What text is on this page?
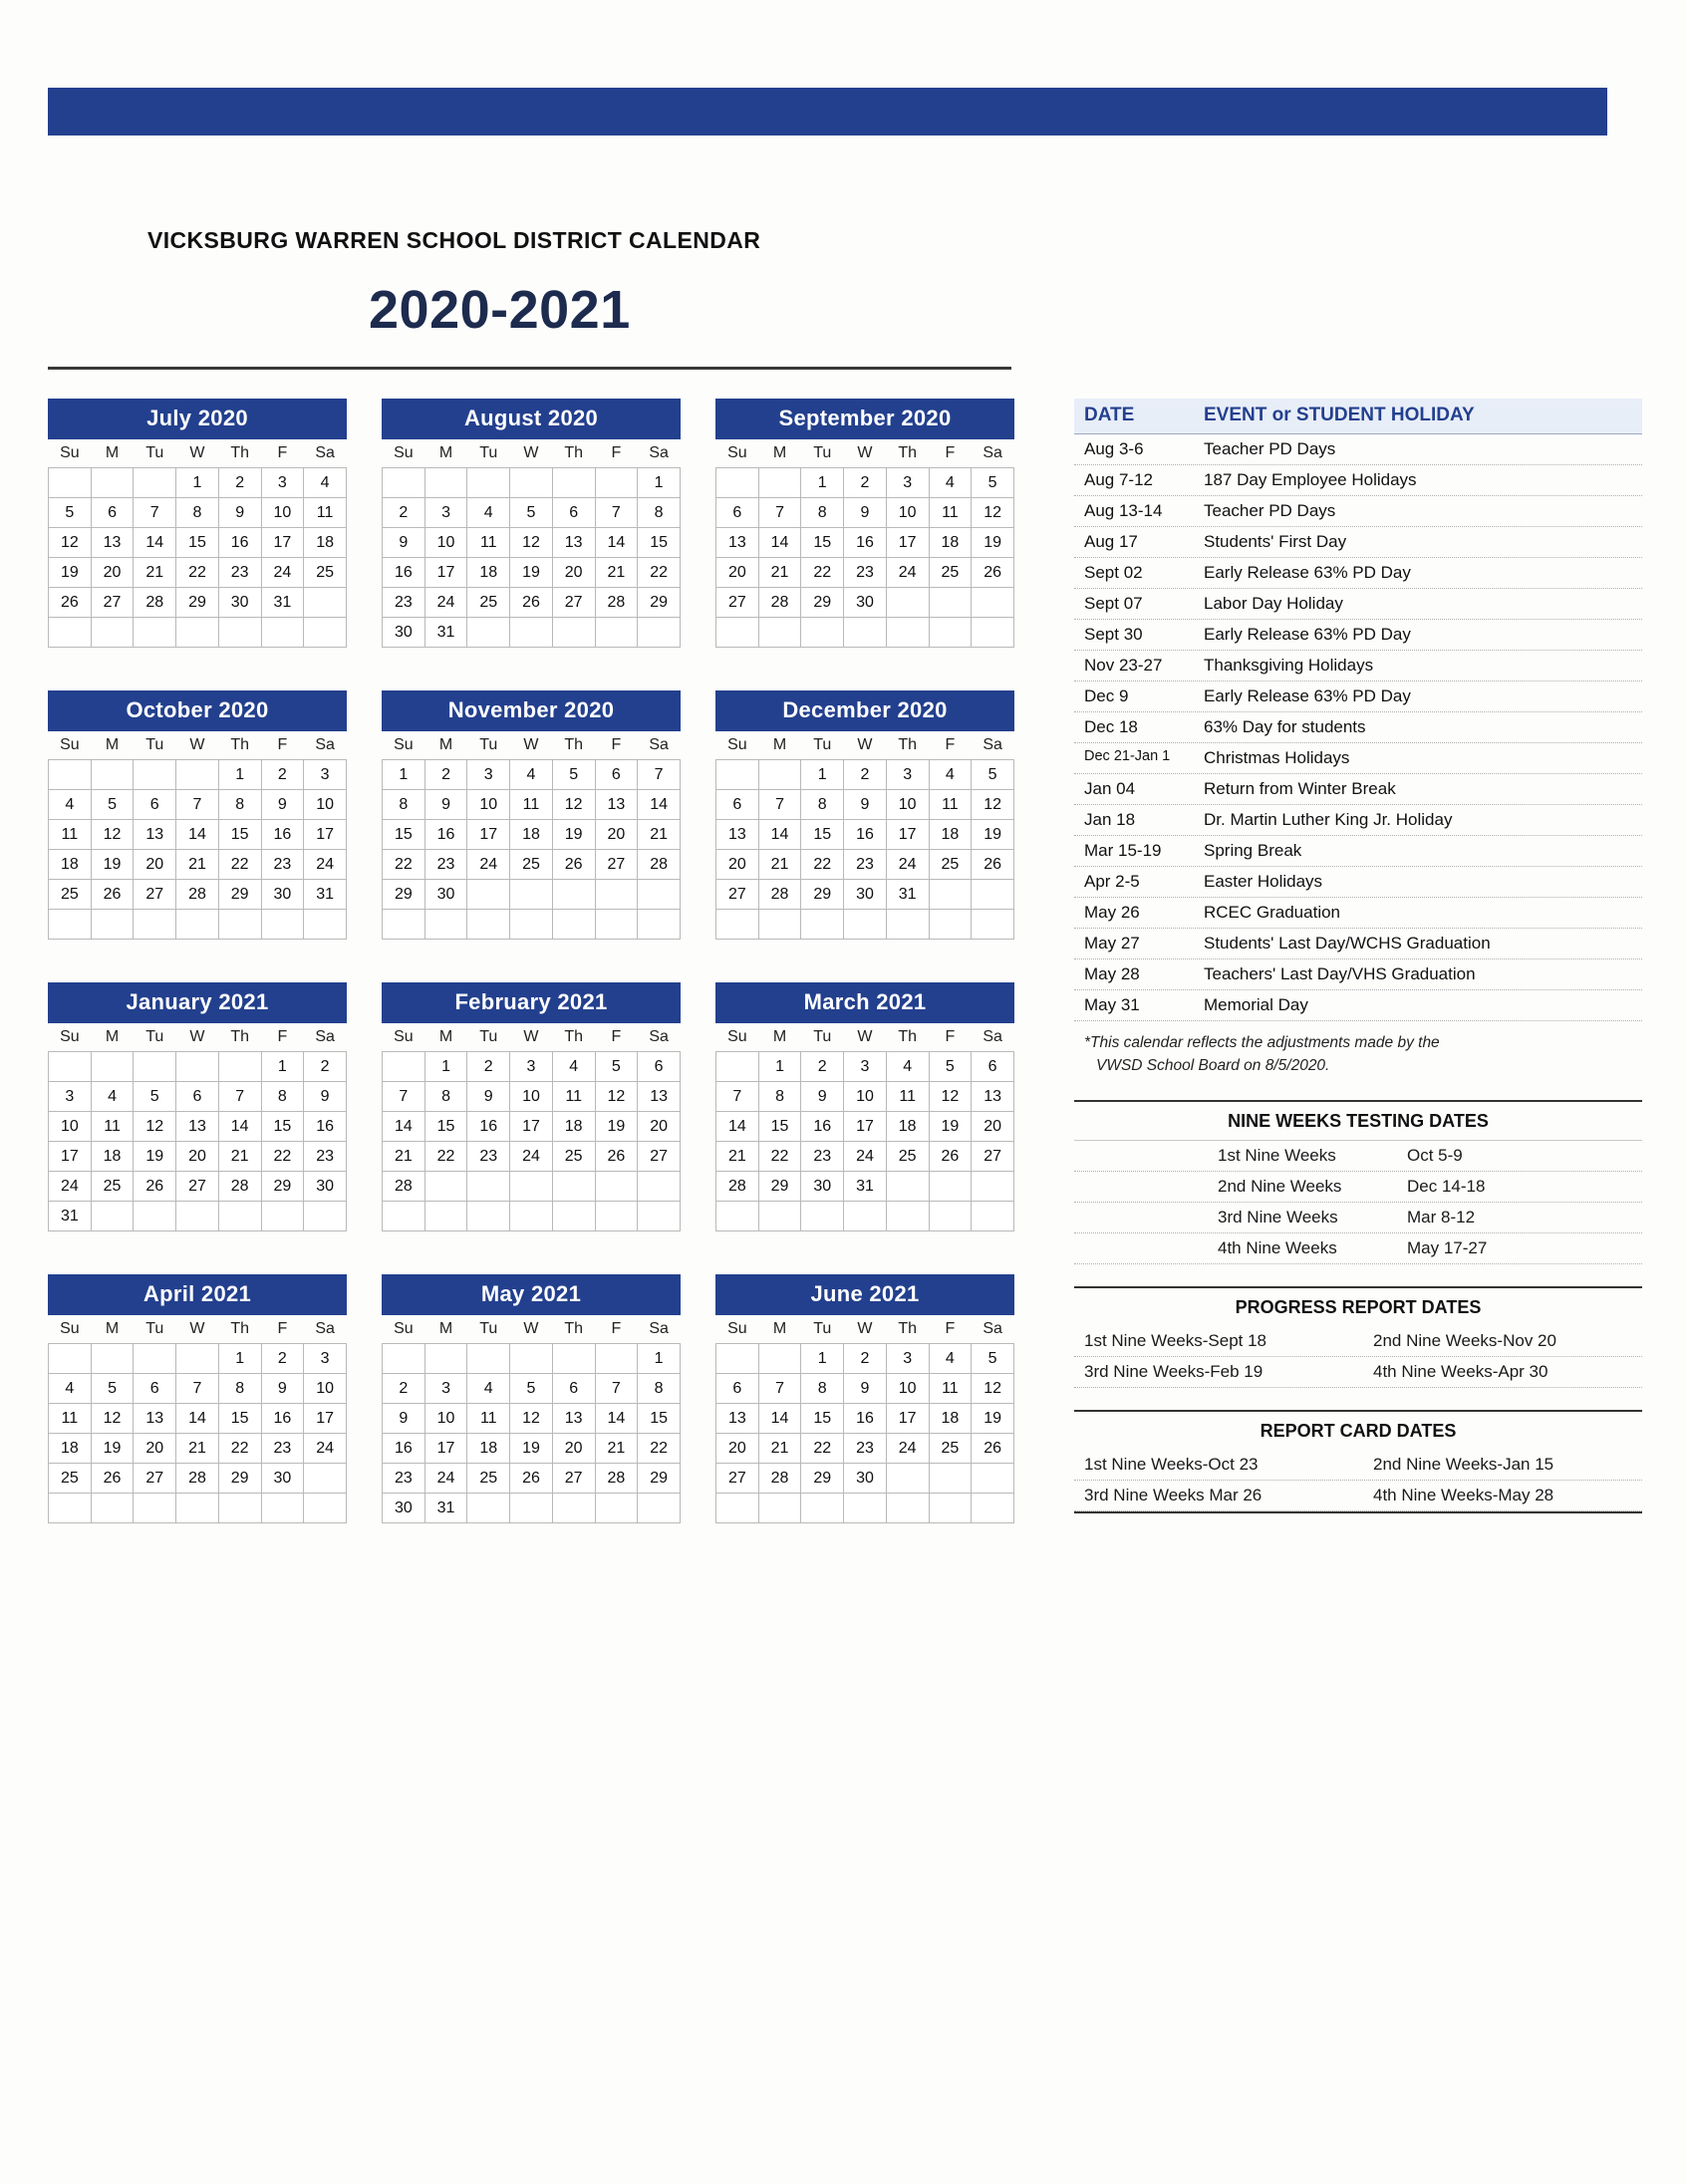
VICKSBURG WARREN SCHOOL DISTRICT CALENDAR
2020-2021
July 2020
Su	M	Tu	W	Th	F	Sa
			1	2	3	4
5	6	7	8	9	10	11
12	13	14	15	16	17	18
19	20	21	22	23	24	25
26	27	28	29	30	31	

August 2020
Su	M	Tu	W	Th	F	Sa
						1
2	3	4	5	6	7	8
9	10	11	12	13	14	15
16	17	18	19	20	21	22
23	24	25	26	27	28	29
30	31					
September 2020
Su	M	Tu	W	Th	F	Sa
		1	2	3	4	5
6	7	8	9	10	11	12
13	14	15	16	17	18	19
20	21	22	23	24	25	26
27	28	29	30			

October 2020
Su	M	Tu	W	Th	F	Sa
				1	2	3
4	5	6	7	8	9	10
11	12	13	14	15	16	17
18	19	20	21	22	23	24
25	26	27	28	29	30	31

November 2020
Su	M	Tu	W	Th	F	Sa
1	2	3	4	5	6	7
8	9	10	11	12	13	14
15	16	17	18	19	20	21
22	23	24	25	26	27	28
29	30					

December 2020
Su	M	Tu	W	Th	F	Sa
		1	2	3	4	5
6	7	8	9	10	11	12
13	14	15	16	17	18	19
20	21	22	23	24	25	26
27	28	29	30	31		

January 2021
Su	M	Tu	W	Th	F	Sa
					1	2
3	4	5	6	7	8	9
10	11	12	13	14	15	16
17	18	19	20	21	22	23
24	25	26	27	28	29	30
31						
February 2021
Su	M	Tu	W	Th	F	Sa
	1	2	3	4	5	6
7	8	9	10	11	12	13
14	15	16	17	18	19	20
21	22	23	24	25	26	27
28						

March 2021
Su	M	Tu	W	Th	F	Sa
	1	2	3	4	5	6
7	8	9	10	11	12	13
14	15	16	17	18	19	20
21	22	23	24	25	26	27
28	29	30	31			

April 2021
Su	M	Tu	W	Th	F	Sa
				1	2	3
4	5	6	7	8	9	10
11	12	13	14	15	16	17
18	19	20	21	22	23	24
25	26	27	28	29	30	

May 2021
Su	M	Tu	W	Th	F	Sa
						1
2	3	4	5	6	7	8
9	10	11	12	13	14	15
16	17	18	19	20	21	22
23	24	25	26	27	28	29
30	31					
June 2021
Su	M	Tu	W	Th	F	Sa
		1	2	3	4	5
6	7	8	9	10	11	12
13	14	15	16	17	18	19
20	21	22	23	24	25	26
27	28	29	30			

DATE	EVENT or STUDENT HOLIDAY
Aug 3-6	Teacher PD Days
Aug 7-12	187 Day Employee Holidays
Aug 13-14	Teacher PD Days
Aug 17	Students' First Day
Sept 02	Early Release 63% PD Day
Sept 07	Labor Day Holiday
Sept 30	Early Release 63% PD Day
Nov 23-27	Thanksgiving Holidays
Dec 9	Early Release 63% PD Day
Dec 18	63% Day for students
Dec 21-Jan 1	Christmas Holidays
Jan 04	Return from Winter Break
Jan 18	Dr. Martin Luther King Jr. Holiday
Mar 15-19	Spring Break
Apr 2-5	Easter Holidays
May 26	RCEC Graduation
May 27	Students' Last Day/WCHS Graduation
May 28	Teachers' Last Day/VHS Graduation
May 31	Memorial Day
*This calendar reflects the adjustments made by the
VWSD School Board on 8/5/2020.
NINE WEEKS TESTING DATES
1st Nine Weeks	Oct 5-9
2nd Nine Weeks	Dec 14-18
3rd Nine Weeks	Mar 8-12
4th Nine Weeks	May 17-27
PROGRESS REPORT DATES
1st Nine Weeks-Sept 18	2nd Nine Weeks-Nov 20
3rd Nine Weeks-Feb 19	4th Nine Weeks-Apr 30
REPORT CARD DATES
1st Nine Weeks-Oct 23	2nd Nine Weeks-Jan 15
3rd Nine Weeks Mar 26	4th Nine Weeks-May 28
